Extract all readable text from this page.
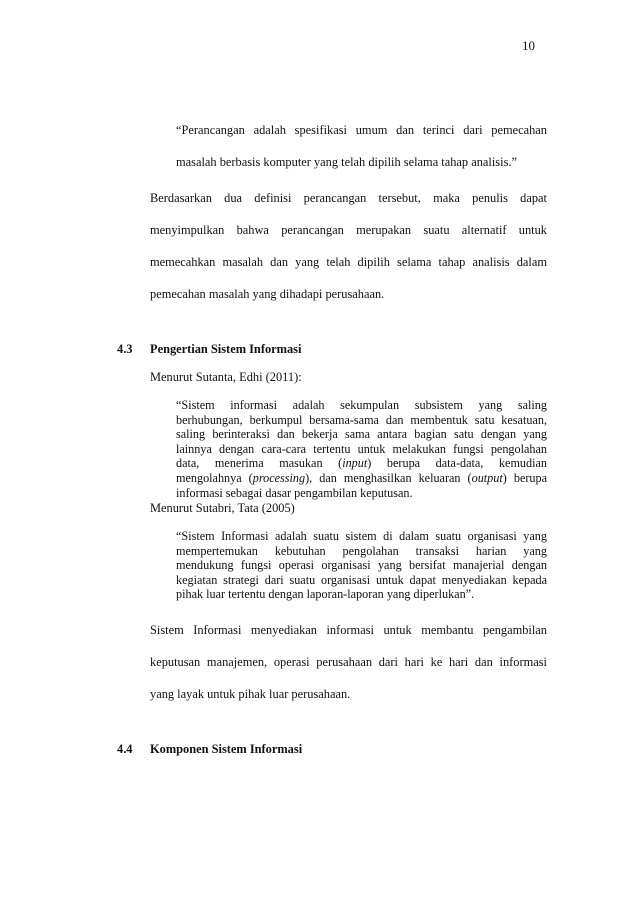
10
“Perancangan adalah spesifikasi umum dan terinci dari pemecahan
masalah berbasis komputer yang telah dipilih selama tahap analisis.”
Berdasarkan dua definisi perancangan tersebut, maka penulis dapat
menyimpulkan bahwa perancangan merupakan suatu alternatif untuk
memecahkan masalah dan yang telah dipilih selama tahap analisis dalam
pemecahan masalah yang dihadapi perusahaan.
4.3 Pengertian Sistem Informasi
Menurut Sutanta, Edhi (2011):
“Sistem informasi adalah sekumpulan subsistem yang saling
berhubungan, berkumpul bersama-sama dan membentuk satu kesatuan,
saling berinteraksi dan bekerja sama antara bagian satu dengan yang
lainnya dengan cara-cara tertentu untuk melakukan fungsi pengolahan
data, menerima masukan (input) berupa data-data, kemudian
mengolahnya (processing), dan menghasilkan keluaran (output) berupa
informasi sebagai dasar pengambilan keputusan.
Menurut Sutabri, Tata (2005)
“Sistem Informasi adalah suatu sistem di dalam suatu organisasi yang
mempertemukan kebutuhan pengolahan transaksi harian yang
mendukung fungsi operasi organisasi yang bersifat manajerial dengan
kegiatan strategi dari suatu organisasi untuk dapat menyediakan kepada
pihak luar tertentu dengan laporan-laporan yang diperlukan”.
Sistem Informasi menyediakan informasi untuk membantu pengambilan
keputusan manajemen, operasi perusahaan dari hari ke hari dan informasi
yang layak untuk pihak luar perusahaan.
4.4 Komponen Sistem Informasi
